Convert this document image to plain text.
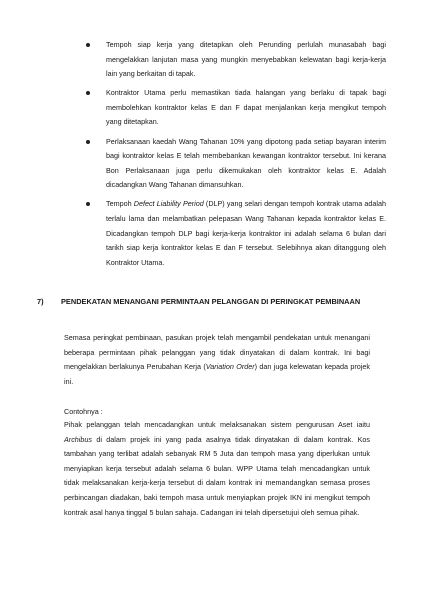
Tempoh siap kerja yang ditetapkan oleh Perunding perlulah munasabah bagi mengelakkan lanjutan masa yang mungkin menyebabkan kelewatan bagi kerja-kerja lain yang berkaitan di tapak.
Kontraktor Utama perlu memastikan tiada halangan yang berlaku di tapak bagi membolehkan kontraktor kelas E dan F dapat menjalankan kerja mengikut tempoh yang ditetapkan.
Perlaksanaan kaedah Wang Tahanan 10% yang dipotong pada setiap bayaran interim bagi kontraktor kelas E telah membebankan kewangan kontraktor tersebut. Ini kerana Bon Perlaksanaan juga perlu dikemukakan oleh kontraktor kelas E. Adalah dicadangkan Wang Tahanan dimansuhkan.
Tempoh Defect Liability Period (DLP) yang selari dengan tempoh kontrak utama adalah terlalu lama dan melambatkan pelepasan Wang Tahanan kepada kontraktor kelas E. Dicadangkan tempoh DLP bagi kerja-kerja kontraktor ini adalah selama 6 bulan dari tarikh siap kerja kontraktor kelas E dan F tersebut. Selebihnya akan ditanggung oleh Kontraktor Utama.
7) PENDEKATAN MENANGANI PERMINTAAN PELANGGAN DI PERINGKAT PEMBINAAN
Semasa peringkat pembinaan, pasukan projek telah mengambil pendekatan untuk menangani beberapa permintaan pihak pelanggan yang tidak dinyatakan di dalam kontrak. Ini bagi mengelakkan berlakunya Perubahan Kerja (Variation Order) dan juga kelewatan kepada projek ini.
Contohnya :
Pihak pelanggan telah mencadangkan untuk melaksanakan sistem pengurusan Aset iaitu Archibus di dalam projek ini yang pada asalnya tidak dinyatakan di dalam kontrak. Kos tambahan yang terlibat adalah sebanyak RM 5 Juta dan tempoh masa yang diperlukan untuk menyiapkan kerja tersebut adalah selama 6 bulan. WPP Utama telah mencadangkan untuk tidak melaksanakan kerja-kerja tersebut di dalam kontrak ini memandangkan semasa proses perbincangan diadakan, baki tempoh masa untuk menyiapkan projek IKN ini mengikut tempoh kontrak asal hanya tinggal 5 bulan sahaja. Cadangan ini telah dipersetujui oleh semua pihak.
